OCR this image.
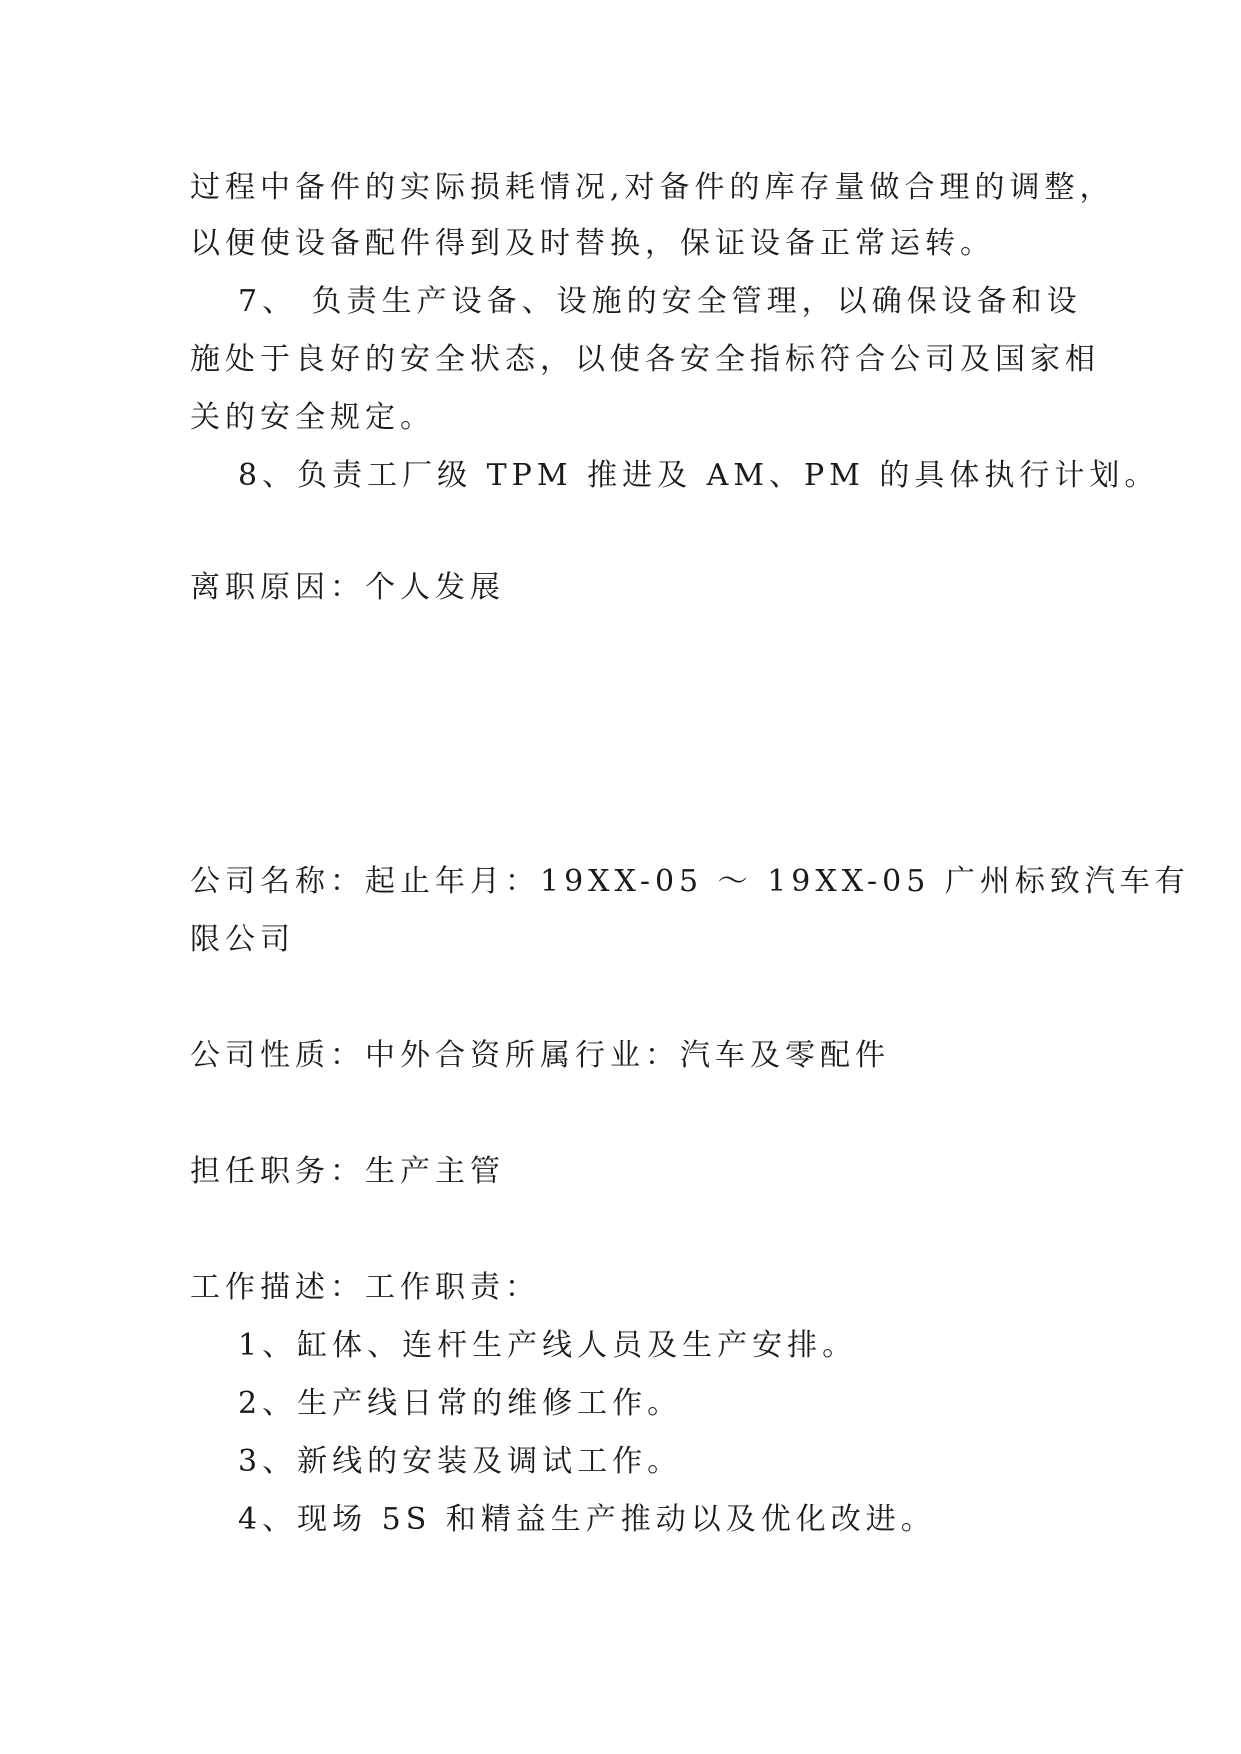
过程中备件的实际损耗情况,对备件的库存量做合理的调整，
以便使设备配件得到及时替换，保证设备正常运转。
7、 负责生产设备、设施的安全管理，以确保设备和设
施处于良好的安全状态，以使各安全指标符合公司及国家相
关的安全规定。
8、负责工厂级 TPM 推进及 AM、PM 的具体执行计划。
离职原因：个人发展
公司名称：起止年月：19XX-05 ～ 19XX-05 广州标致汽车有
限公司
公司性质：中外合资所属行业：汽车及零配件
担任职务：生产主管
工作描述：工作职责：
1、缸体、连杆生产线人员及生产安排。
2、生产线日常的维修工作。
3、新线的安装及调试工作。
4、现场 5S 和精益生产推动以及优化改进。
